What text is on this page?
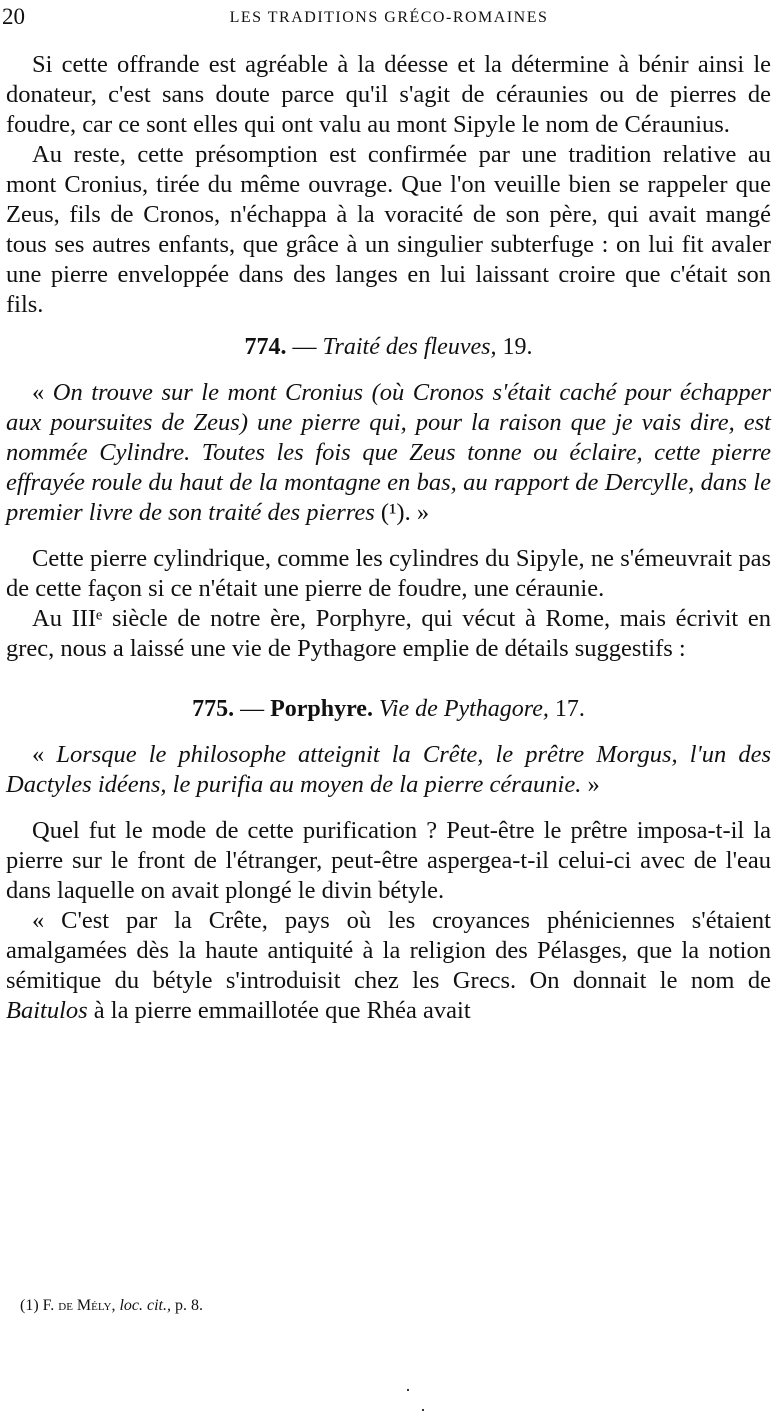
20	LES TRADITIONS GRÉCO-ROMAINES

Si cette offrande est agréable à la déesse et la détermine à bénir ainsi le donateur, c'est sans doute parce qu'il s'agit de céraunies ou de pierres de foudre, car ce sont elles qui ont valu au mont Sipyle le nom de Céraunius.

Au reste, cette présomption est confirmée par une tradition relative au mont Cronius, tirée du même ouvrage. Que l'on veuille bien se rappeler que Zeus, fils de Cronos, n'échappa à la voracité de son père, qui avait mangé tous ses autres enfants, que grâce à un singulier subterfuge : on lui fit avaler une pierre enveloppée dans des langes en lui laissant croire que c'était son fils.

774. — Traité des fleuves, 19.

« On trouve sur le mont Cronius (où Cronos s'était caché pour échapper aux poursuites de Zeus) une pierre qui, pour la raison que je vais dire, est nommée Cylindre. Toutes les fois que Zeus tonne ou éclaire, cette pierre effrayée roule du haut de la montagne en bas, au rapport de Dercylle, dans le premier livre de son traité des pierres (¹). »

Cette pierre cylindrique, comme les cylindres du Sipyle, ne s'émeuvrait pas de cette façon si ce n'était une pierre de foudre, une céraunie.

Au IIIᵉ siècle de notre ère, Porphyre, qui vécut à Rome, mais écrivit en grec, nous a laissé une vie de Pythagore emplie de détails suggestifs :

775. — Porphyre. Vie de Pythagore, 17.

« Lorsque le philosophe atteignit la Crête, le prêtre Morgus, l'un des Dactyles idéens, le purifia au moyen de la pierre céraunie. »

Quel fut le mode de cette purification ? Peut-être le prêtre imposa-t-il la pierre sur le front de l'étranger, peut-être aspergea-t-il celui-ci avec de l'eau dans laquelle on avait plongé le divin bétyle.

« C'est par la Crête, pays où les croyances phéniciennes s'étaient amalgamées dès la haute antiquité à la religion des Pélasges, que la notion sémitique du bétyle s'introduisit chez les Grecs. On donnait le nom de Baitulos à la pierre emmaillotée que Rhéa avait

(1) F. de Mély, loc. cit., p. 8.
·
·
